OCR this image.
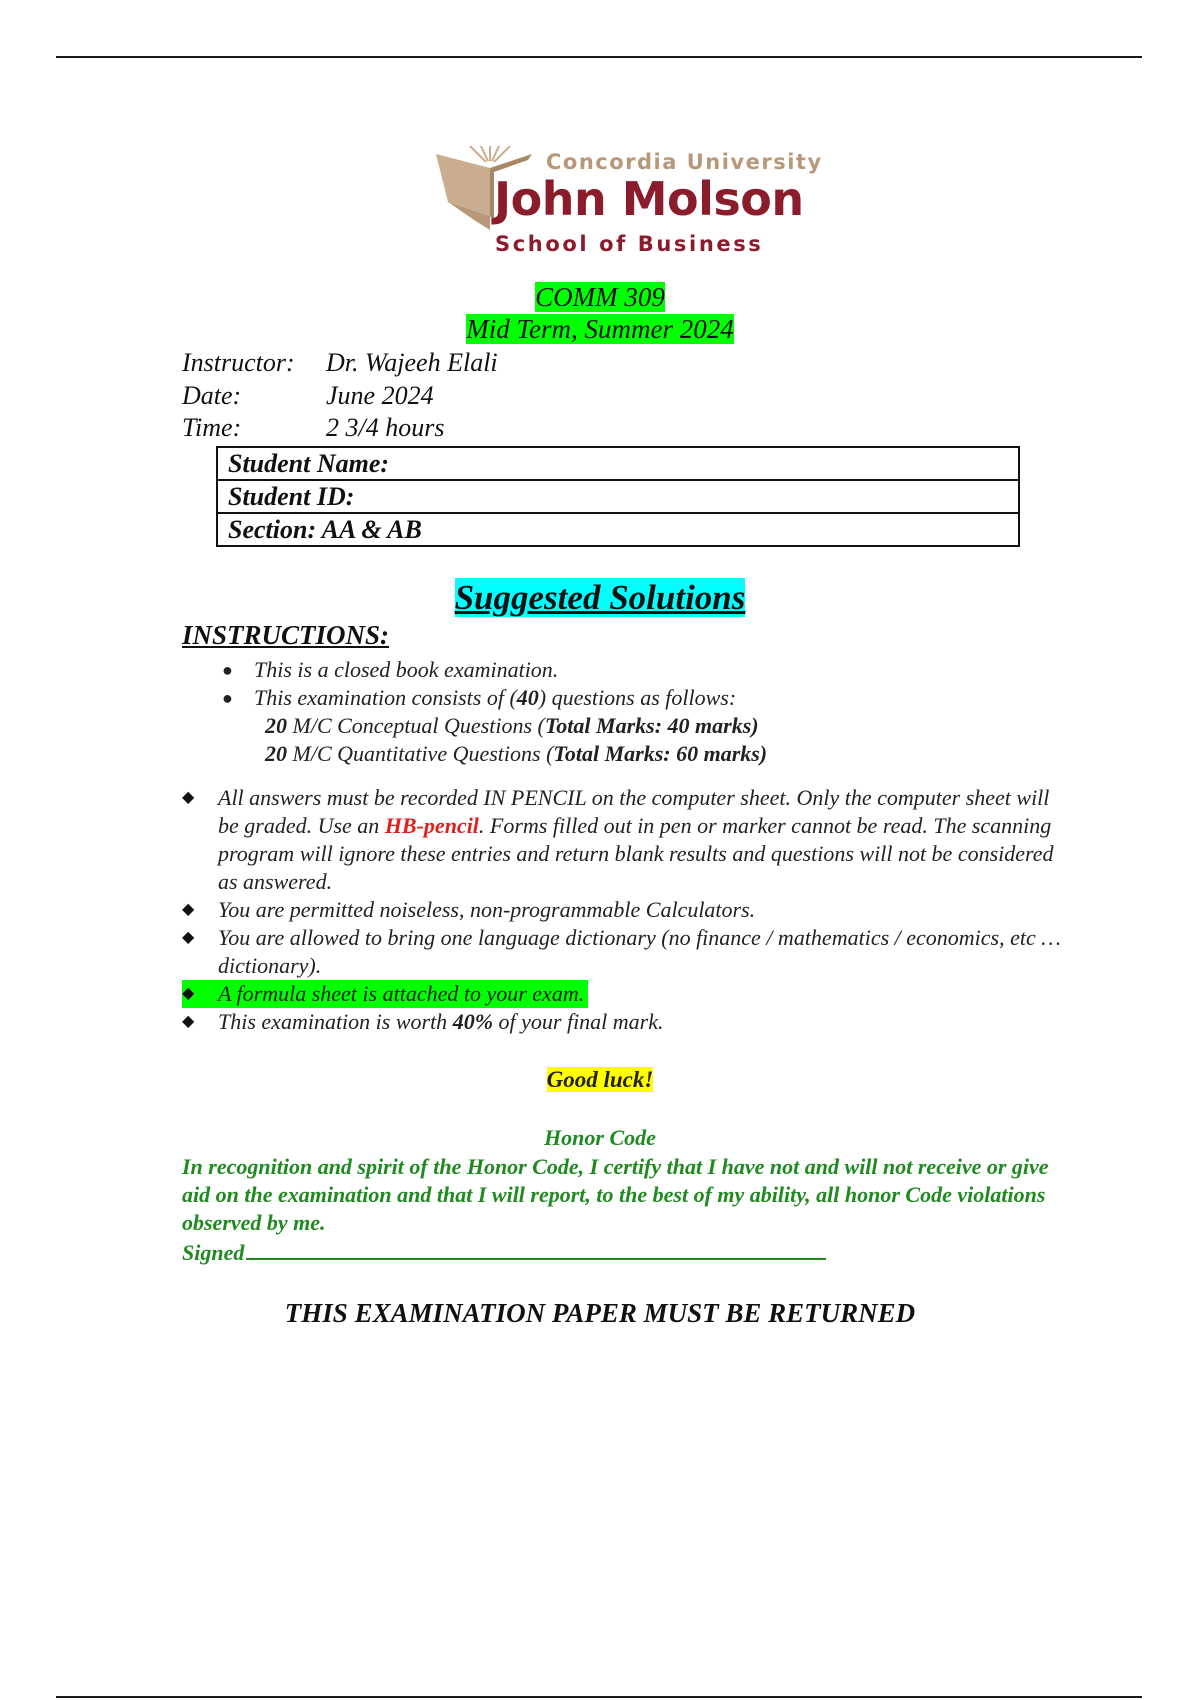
Concordia University
John Molson
School of Business
COMM 309
Mid Term, Summer 2024
Instructor: Dr. Wajeeh Elali
Date:	June 2024
Time:	2 3/4 hours
Student Name:
Student ID:
Section: AA & AB
Suggested Solutions
INSTRUCTIONS:
● This is a closed book examination.
● This examination consists of (40) questions as follows:
20 M/C Conceptual Questions (Total Marks: 40 marks)
20 M/C Quantitative Questions (Total Marks: 60 marks)
◆ All answers must be recorded IN PENCIL on the computer sheet. Only the computer sheet will be graded. Use an HB-pencil. Forms filled out in pen or marker cannot be read. The scanning program will ignore these entries and return blank results and questions will not be considered as answered.
◆ You are permitted noiseless, non-programmable Calculators.
◆ You are allowed to bring one language dictionary (no finance / mathematics / economics, etc … dictionary).
◆ A formula sheet is attached to your exam.
◆ This examination is worth 40% of your final mark.
Good luck!
Honor Code
In recognition and spirit of the Honor Code, I certify that I have not and will not receive or give aid on the examination and that I will report, to the best of my ability, all honor Code violations observed by me.
Signed
THIS EXAMINATION PAPER MUST BE RETURNED
